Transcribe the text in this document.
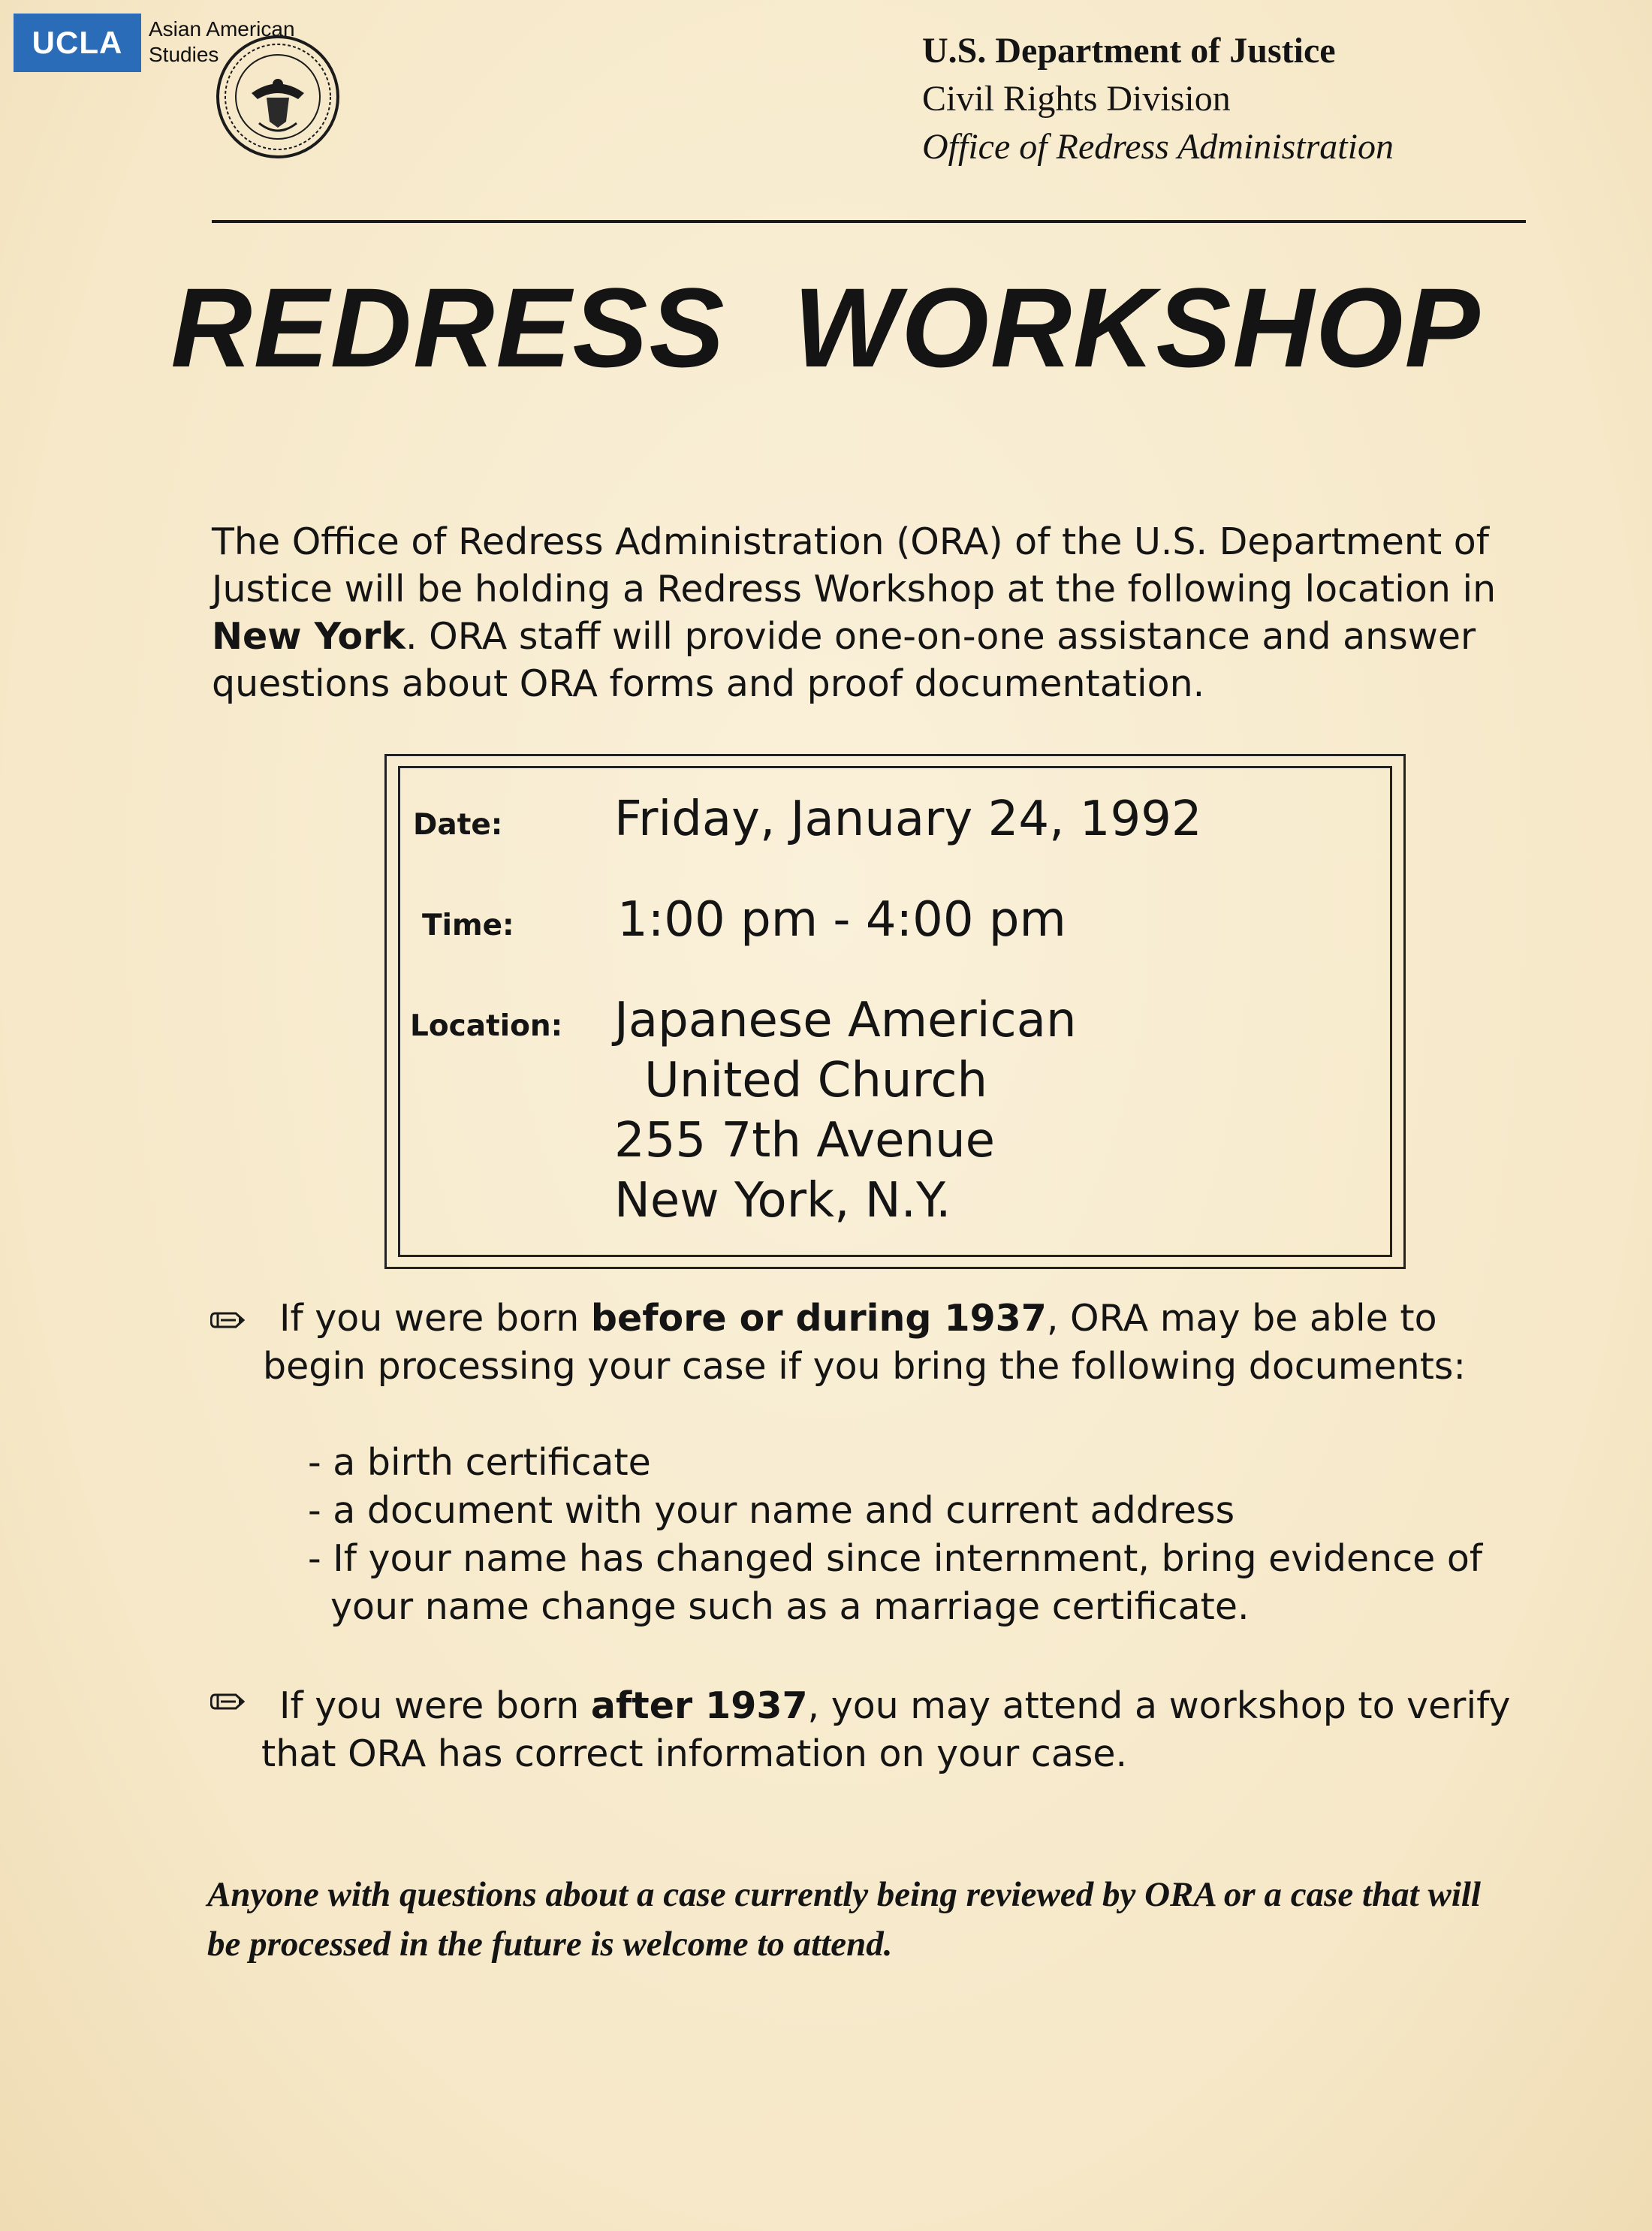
UCLA	Asian American
Studies	U.S. Department of Justice
Civil Rights Division
Office of Redress Administration
REDRESS WORKSHOP
The Office of Redress Administration (ORA) of the U.S. Department of Justice will be holding a Redress Workshop at the following location in New York. ORA staff will provide one-on-one assistance and answer questions about ORA forms and proof documentation.
Date: Friday, January 24, 1992
Time: 1:00 pm - 4:00 pm
Location: Japanese American
United Church
255 7th Avenue
New York, N.Y.
If you were born before or during 1937, ORA may be able to
begin processing your case if you bring the following documents:
- a birth certificate
- a document with your name and current address
- If your name has changed since internment, bring evidence of
your name change such as a marriage certificate.
If you were born after 1937, you may attend a workshop to verify
that ORA has correct information on your case.
Anyone with questions about a case currently being reviewed by ORA or a case that will be processed in the future is welcome to attend.
